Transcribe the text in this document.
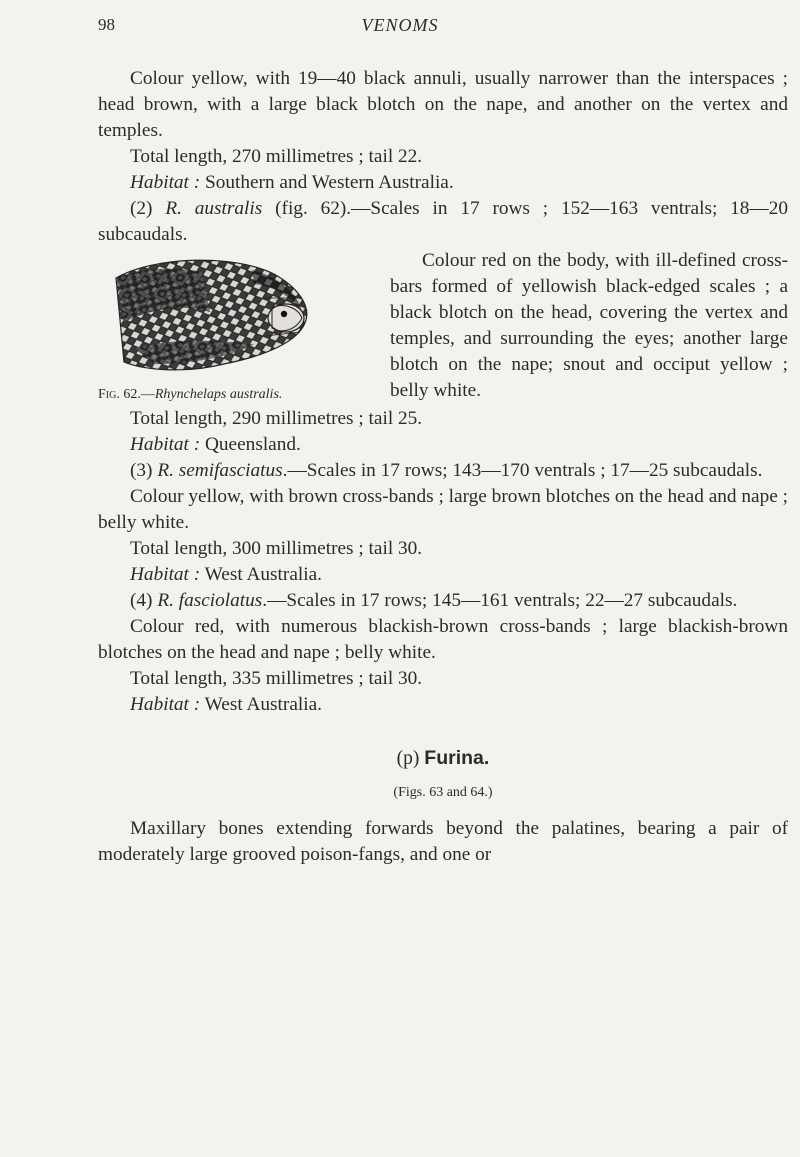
98	VENOMS

Colour yellow, with 19—40 black annuli, usually narrower than the interspaces ; head brown, with a large black blotch on the nape, and another on the vertex and temples.

Total length, 270 millimetres ; tail 22.

Habitat : Southern and Western Australia.

(2) R. australis (fig. 62).—Scales in 17 rows ; 152—163 ventrals; 18—20 subcaudals.

Fig. 62.—Rhynchelaps australis.

Colour red on the body, with ill-defined cross-bars formed of yellowish black-edged scales ; a black blotch on the head, covering the vertex and temples, and surrounding the eyes; another large blotch on the nape; snout and occiput yellow ; belly white.

Total length, 290 millimetres ; tail 25.

Habitat : Queensland.

(3) R. semifasciatus.—Scales in 17 rows; 143—170 ventrals ; 17—25 subcaudals.

Colour yellow, with brown cross-bands ; large brown blotches on the head and nape ; belly white.

Total length, 300 millimetres ; tail 30.

Habitat : West Australia.

(4) R. fasciolatus.—Scales in 17 rows; 145—161 ventrals; 22—27 subcaudals.

Colour red, with numerous blackish-brown cross-bands ; large blackish-brown blotches on the head and nape ; belly white.

Total length, 335 millimetres ; tail 30.

Habitat : West Australia.

(p) Furina.
(Figs. 63 and 64.)

Maxillary bones extending forwards beyond the palatines, bearing a pair of moderately large grooved poison-fangs, and one or
